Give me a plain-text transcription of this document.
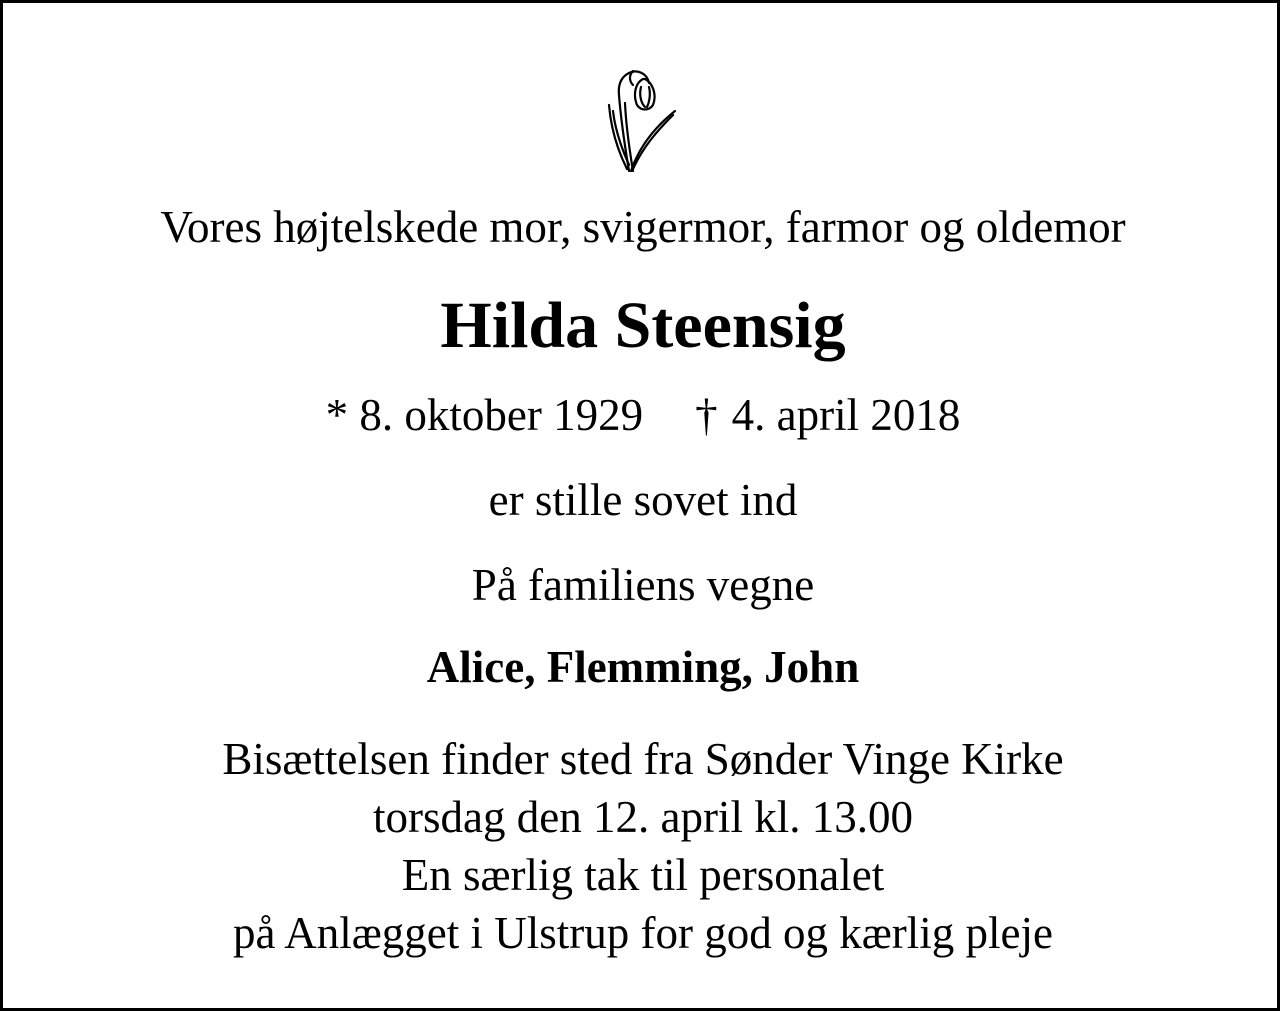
Vores højtelskede mor, svigermor, farmor og oldemor
Hilda Steensig
* 8. oktober 1929 † 4. april 2018
er stille sovet ind
På familiens vegne
Alice, Flemming, John
Bisættelsen finder sted fra Sønder Vinge Kirke
torsdag den 12. april kl. 13.00
En særlig tak til personalet
på Anlægget i Ulstrup for god og kærlig pleje
